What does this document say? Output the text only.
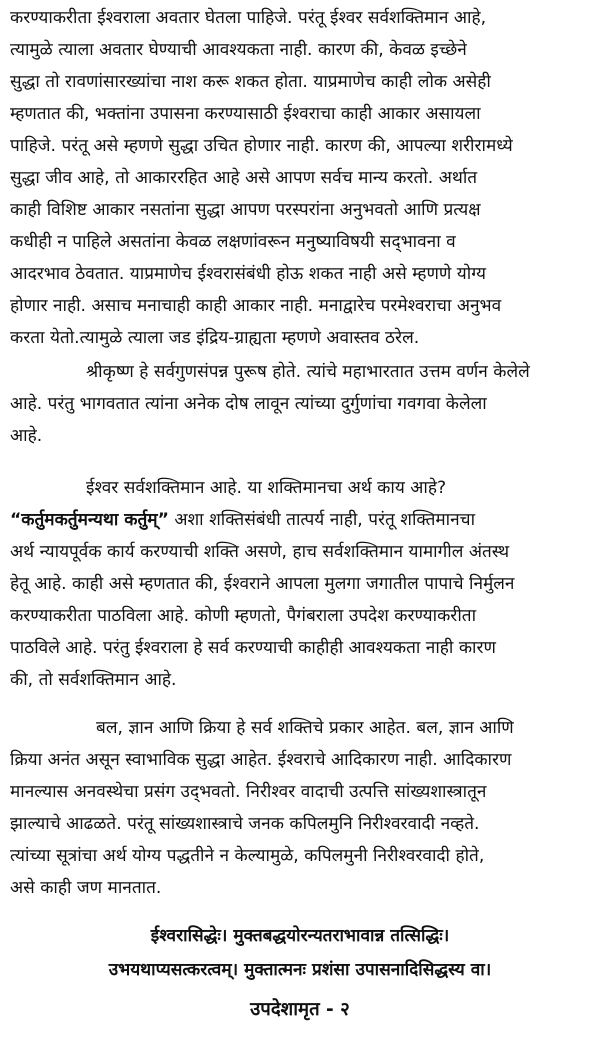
करण्याकरीता ईश्वराला अवतार घेतला पाहिजे. परंतू ईश्वर सर्वशक्तिमान आहे,
त्यामुळे त्याला अवतार घेण्याची आवश्यकता नाही. कारण की, केवळ इच्छेने
सुद्धा तो रावणांसारख्यांचा नाश करू शकत होता. याप्रमाणेच काही लोक असेही
म्हणतात की, भक्तांना उपासना करण्यासाठी ईश्वराचा काही आकार असायला
पाहिजे. परंतू असे म्हणणे सुद्धा उचित होणार नाही. कारण की, आपल्या शरीरामध्ये
सुद्धा जीव आहे, तो आकाररहित आहे असे आपण सर्वच मान्य करतो. अर्थात
काही विशिष्ट आकार नसतांना सुद्धा आपण परस्परांना अनुभवतो आणि प्रत्यक्ष
कधीही न पाहिले असतांना केवळ लक्षणांवरून मनुष्याविषयी सद्‌भावना व
आदरभाव ठेवतात. याप्रमाणेच ईश्वरासंबंधी होऊ शकत नाही असे म्हणणे योग्य
होणार नाही. असाच मनाचाही काही आकार नाही. मनाद्वारेच परमेश्वराचा अनुभव
करता येतो.त्यामुळे त्याला जड इंद्रिय-ग्राह्यता म्हणणे अवास्तव ठरेल.
श्रीकृष्ण हे सर्वगुणसंपन्न पुरूष होते. त्यांचे महाभारतात उत्तम वर्णन केलेले
आहे. परंतु भागवतात त्यांना अनेक दोष लावून त्यांच्या दुर्गुणांचा गवगवा केलेला
आहे.
ईश्वर सर्वशक्तिमान आहे. या शक्तिमानचा अर्थ काय आहे?
“कर्तुमकर्तुमन्यथा कर्तुम्” अशा शक्तिसंबंधी तात्पर्य नाही, परंतू शक्तिमानचा
अर्थ न्यायपूर्वक कार्य करण्याची शक्ति असणे, हाच सर्वशक्तिमान यामागील अंतस्थ
हेतू आहे. काही असे म्हणतात की, ईश्वराने आपला मुलगा जगातील पापाचे निर्मुलन
करण्याकरीता पाठविला आहे. कोणी म्हणतो, पैगंबराला उपदेश करण्याकरीता
पाठविले आहे. परंतु ईश्वराला हे सर्व करण्याची काहीही आवश्यकता नाही कारण
की, तो सर्वशक्तिमान आहे.
बल, ज्ञान आणि क्रिया हे सर्व शक्तिचे प्रकार आहेत. बल, ज्ञान आणि
क्रिया अनंत असून स्वाभाविक सुद्धा आहेत. ईश्वराचे आदिकारण नाही. आदिकारण
मानल्यास अनवस्थेचा प्रसंग उद्‌भवतो. निरीश्वर वादाची उत्पत्ति सांख्यशास्त्रातून
झाल्याचे आढळते. परंतू सांख्यशास्त्राचे जनक कपिलमुनि निरीश्वरवादी नव्हते.
त्यांच्या सूत्रांचा अर्थ योग्य पद्धतीने न केल्यामुळे, कपिलमुनी निरीश्वरवादी होते,
असे काही जण मानतात.
ईश्वरासिद्धेः। मुक्तबद्धयोरन्यतराभावान्न तत्सिद्धिः।
उभयथाप्यसत्करत्वम्। मुक्तात्मनः प्रशंसा उपासनादिसिद्धस्य वा।
उपदेशामृत - २
